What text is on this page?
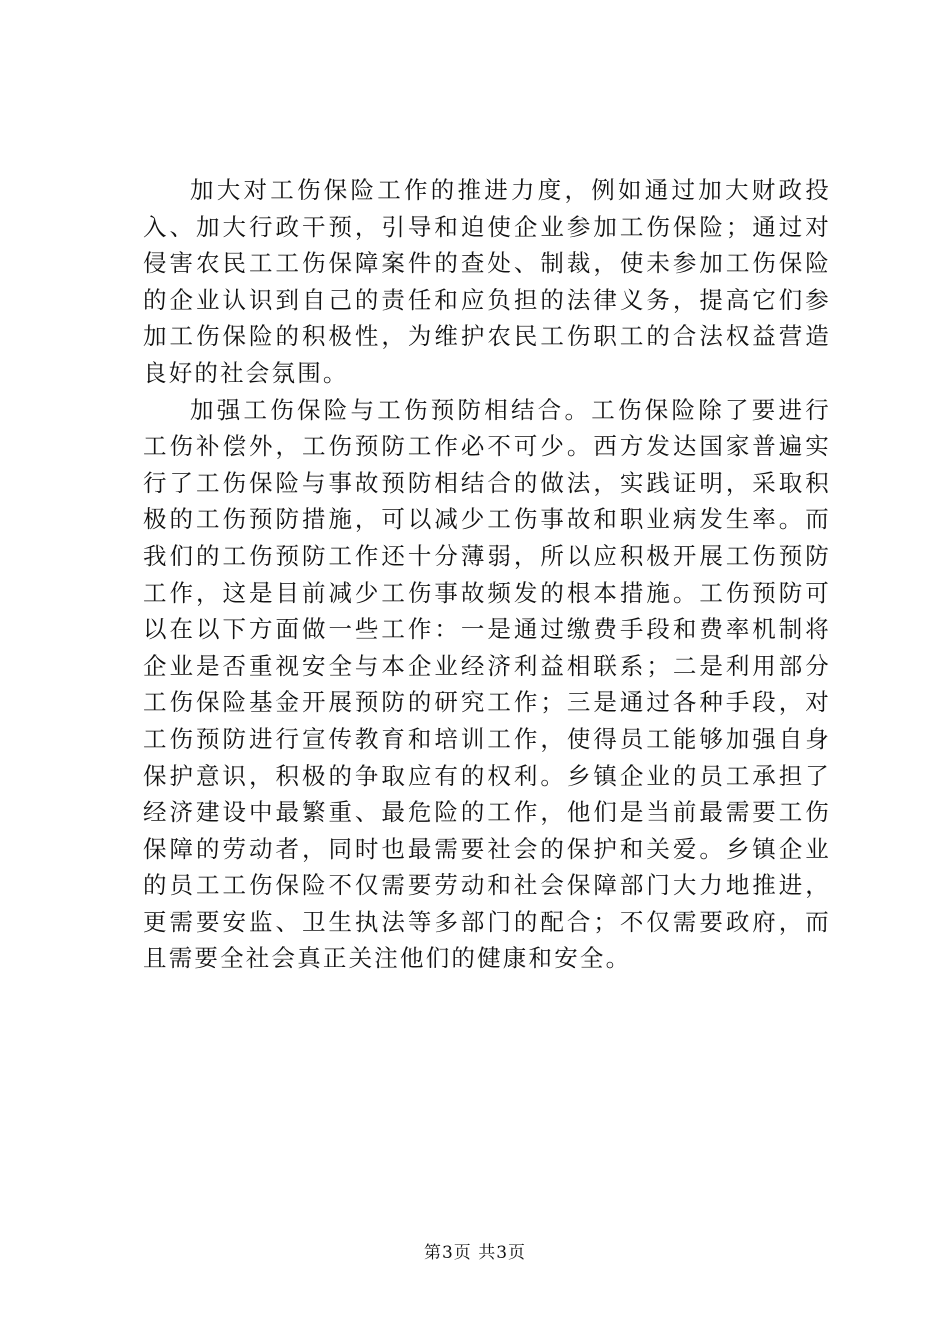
加大对工伤保险工作的推进力度，例如通过加大财政投入、加大行政干预，引导和迫使企业参加工伤保险；通过对侵害农民工工伤保障案件的查处、制裁，使未参加工伤保险的企业认识到自己的责任和应负担的法律义务，提高它们参加工伤保险的积极性，为维护农民工伤职工的合法权益营造良好的社会氛围。

加强工伤保险与工伤预防相结合。工伤保险除了要进行工伤补偿外，工伤预防工作必不可少。西方发达国家普遍实行了工伤保险与事故预防相结合的做法，实践证明，采取积极的工伤预防措施，可以减少工伤事故和职业病发生率。而我们的工伤预防工作还十分薄弱，所以应积极开展工伤预防工作，这是目前减少工伤事故频发的根本措施。工伤预防可以在以下方面做一些工作：一是通过缴费手段和费率机制将企业是否重视安全与本企业经济利益相联系；二是利用部分工伤保险基金开展预防的研究工作；三是通过各种手段，对工伤预防进行宣传教育和培训工作，使得员工能够加强自身保护意识，积极的争取应有的权利。乡镇企业的员工承担了经济建设中最繁重、最危险的工作，他们是当前最需要工伤保障的劳动者，同时也最需要社会的保护和关爱。乡镇企业的员工工伤保险不仅需要劳动和社会保障部门大力地推进，更需要安监、卫生执法等多部门的配合；不仅需要政府，而且需要全社会真正关注他们的健康和安全。

第3页 共3页
